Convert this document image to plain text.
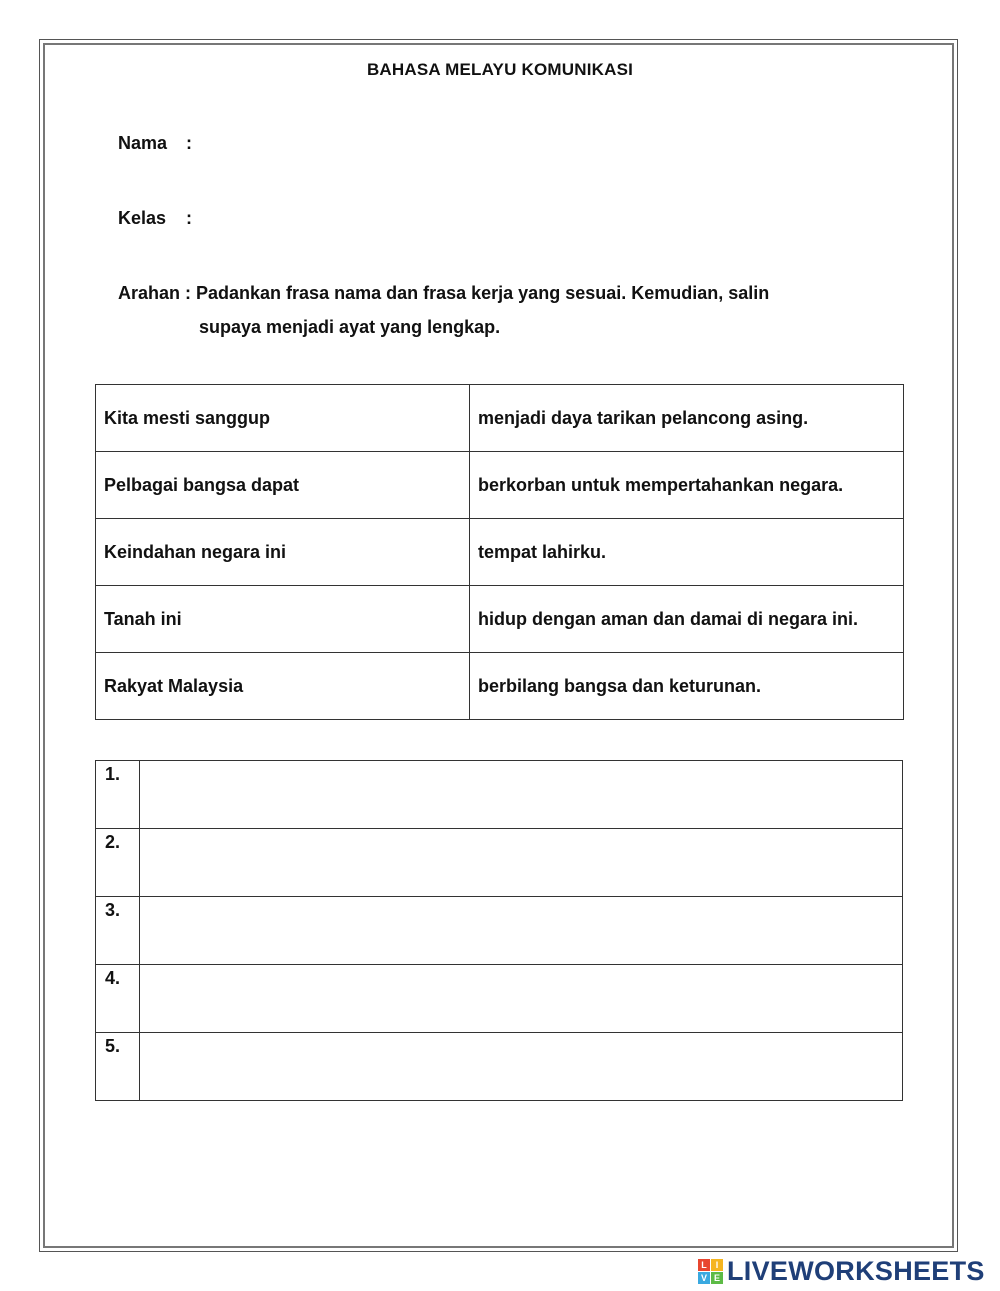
BAHASA MELAYU KOMUNIKASI
Nama :
Kelas :
Arahan : Padankan frasa nama dan frasa kerja yang sesuai. Kemudian, salin
supaya menjadi ayat yang lengkap.
Kita mesti sanggup	menjadi daya tarikan pelancong asing.
Pelbagai bangsa dapat	berkorban untuk mempertahankan negara.
Keindahan negara ini	tempat lahirku.
Tanah ini	hidup dengan aman dan damai di negara ini.
Rakyat Malaysia	berbilang bangsa dan keturunan.
1.	
2.	
3.	
4.	
5.	
L I
V E LIVEWORKSHEETS
